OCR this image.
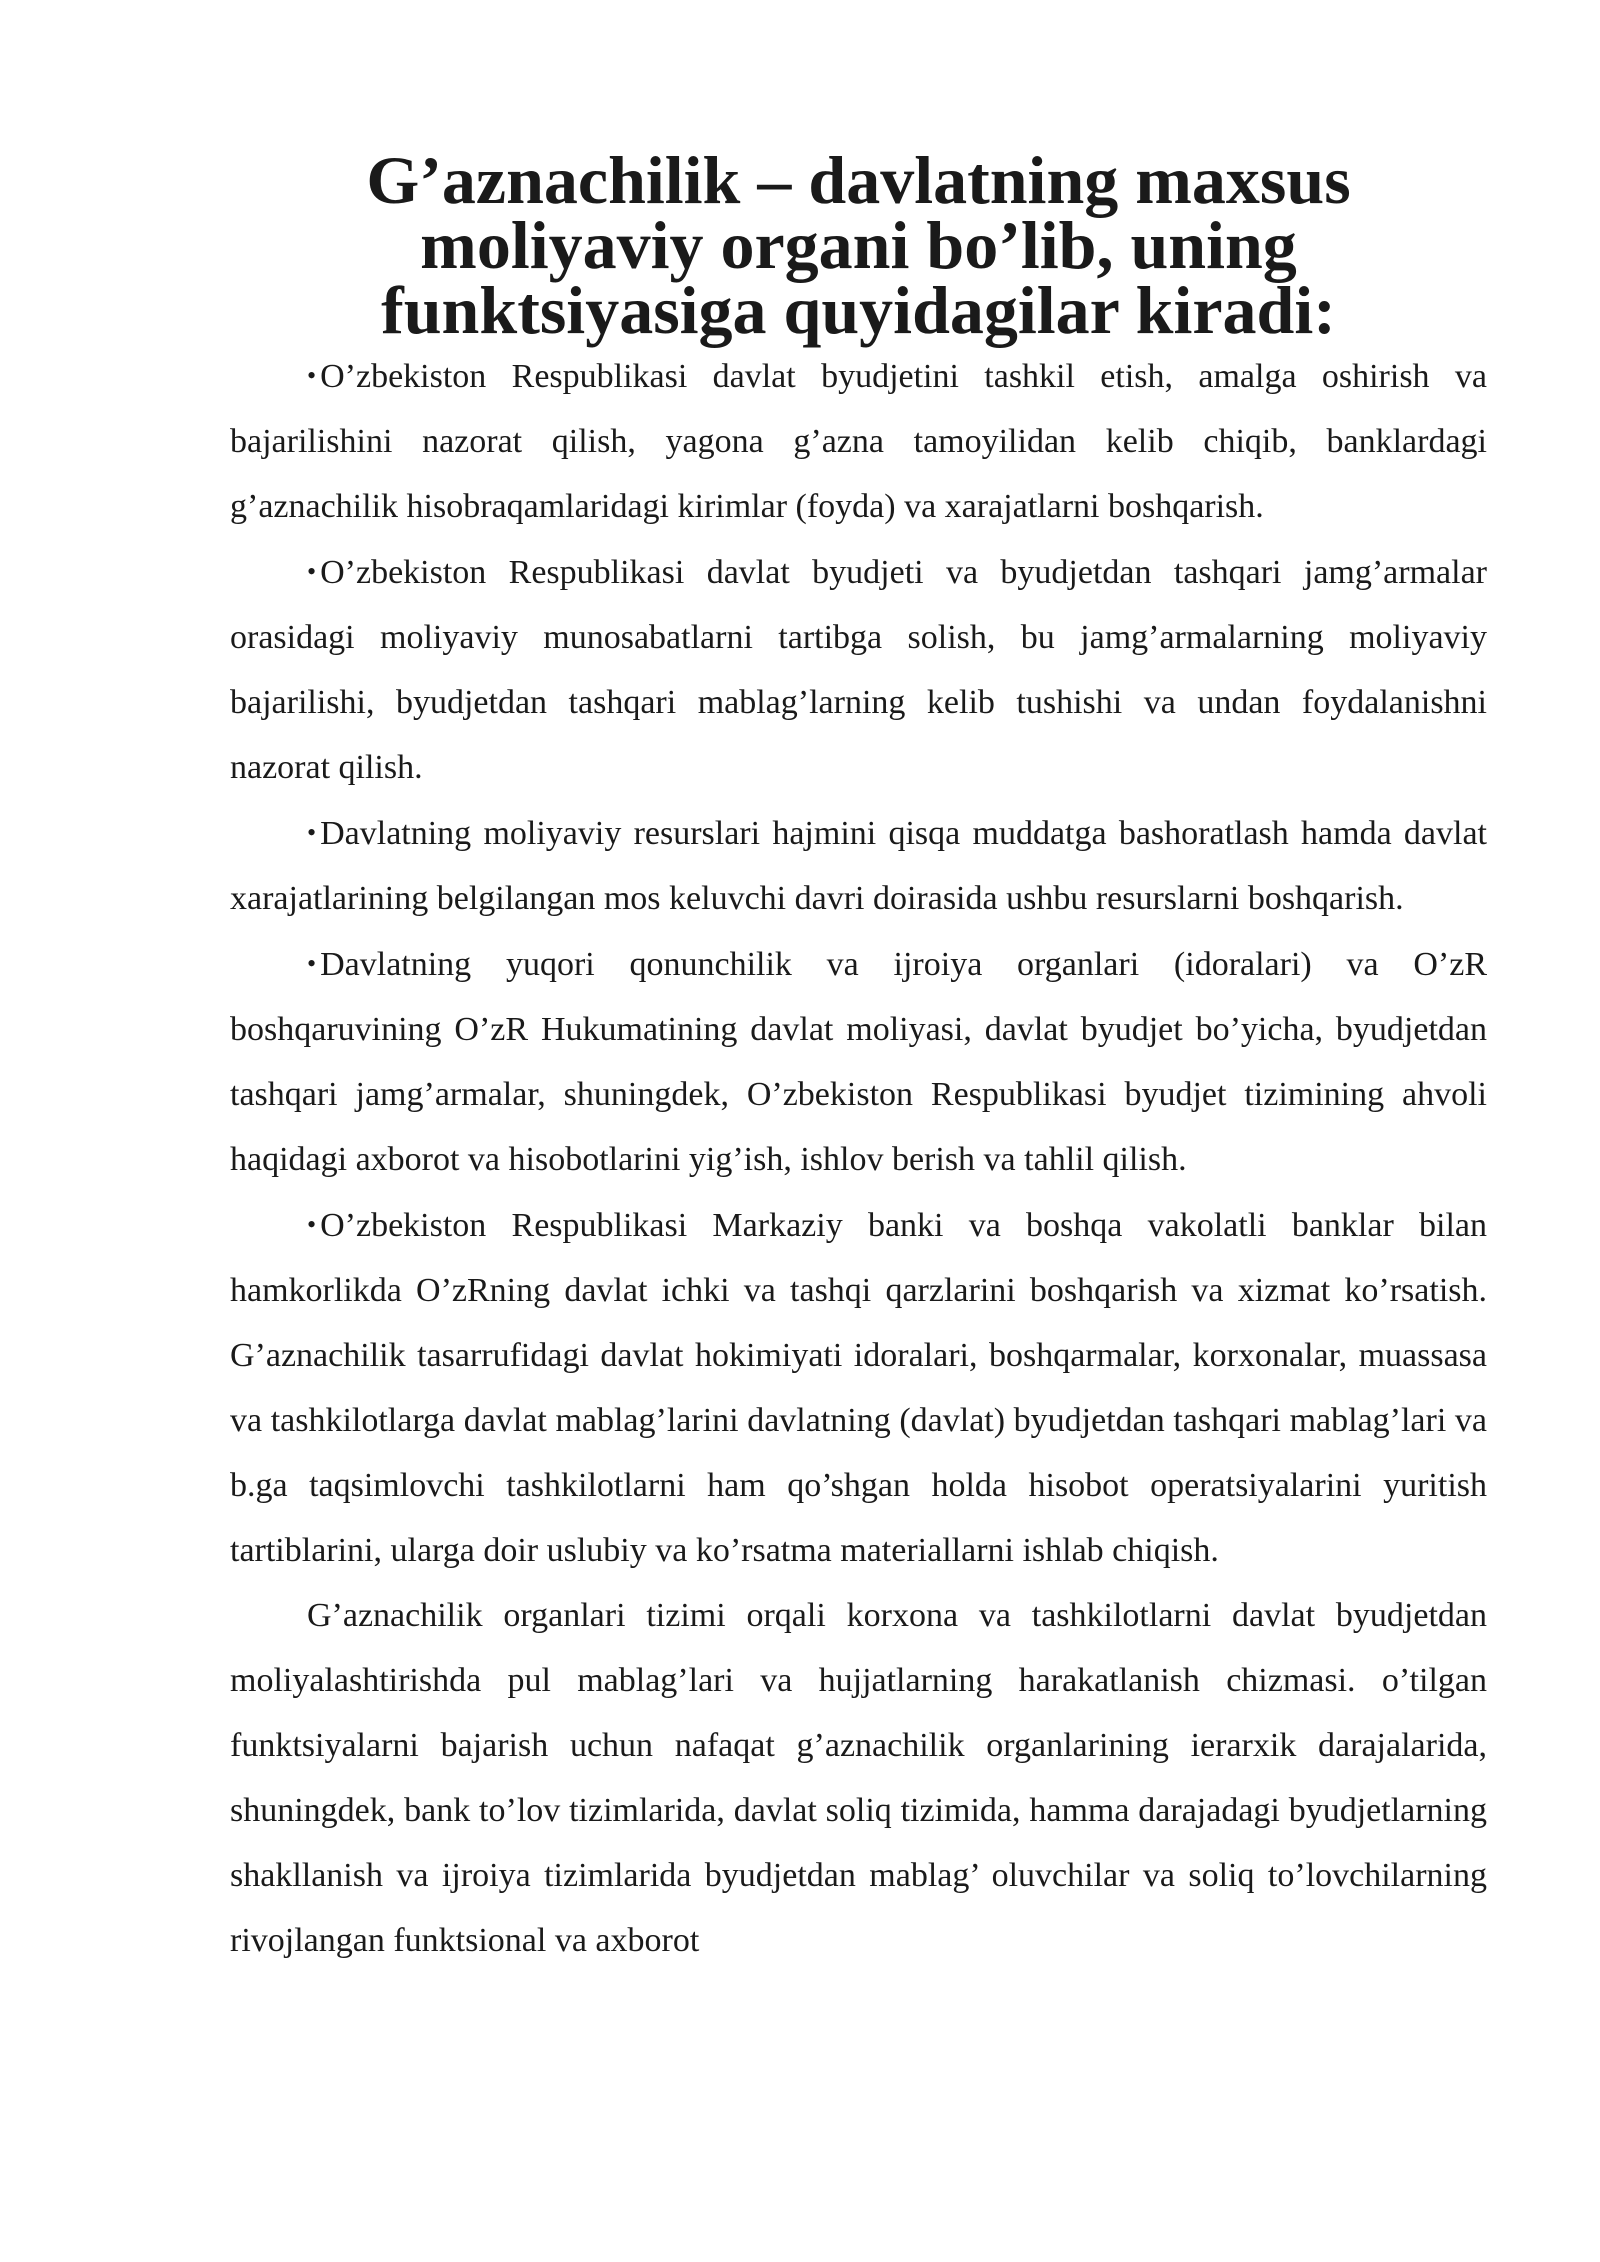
G’aznachilik – davlatning maxsus moliyaviy organi bo’lib, uning
funktsiyasiga quyidagilar kiradi:

• O’zbekiston Respublikasi davlat byudjetini tashkil etish, amalga oshirish va bajarilishini nazorat qilish, yagona g’azna tamoyilidan kelib chiqib, banklardagi g’aznachilik hisobraqamlaridagi kirimlar (foyda) va xarajatlarni boshqarish.

• O’zbekiston Respublikasi davlat byudjeti va byudjetdan tashqari jamg’armalar orasidagi moliyaviy munosabatlarni tartibga solish, bu jamg’armalarning moliyaviy bajarilishi, byudjetdan tashqari mablag’larning kelib tushishi va undan foydalanishni nazorat qilish.

• Davlatning moliyaviy resurslari hajmini qisqa muddatga bashoratlash hamda davlat xarajatlarining belgilangan mos keluvchi davri doirasida ushbu resurslarni boshqarish.

• Davlatning yuqori qonunchilik va ijroiya organlari (idoralari) va O’zR boshqaruvining O’zR Hukumatining davlat moliyasi, davlat byudjet bo’yicha, byudjetdan tashqari jamg’armalar, shuningdek, O’zbekiston Respublikasi byudjet tizimining ahvoli haqidagi axborot va hisobotlarini yig’ish, ishlov berish va tahlil qilish.

• O’zbekiston Respublikasi Markaziy banki va boshqa vakolatli banklar bilan hamkorlikda O’zRning davlat ichki va tashqi qarzlarini boshqarish va xizmat ko’rsatish. G’aznachilik tasarrufidagi davlat hokimiyati idoralari, boshqarmalar, korxonalar, muassasa va tashkilotlarga davlat mablag’larini davlatning (davlat) byudjetdan tashqari mablag’lari va b.ga taqsimlovchi tashkilotlarni ham qo’shgan holda hisobot operatsiyalarini yuritish tartiblarini, ularga doir uslubiy va ko’rsatma materiallarni ishlab chiqish.

G’aznachilik organlari tizimi orqali korxona va tashkilotlarni davlat byudjetdan moliyalashtirishda pul mablag’lari va hujjatlarning harakatlanish chizmasi. o’tilgan funktsiyalarni bajarish uchun nafaqat g’aznachilik organlarining ierarxik darajalarida, shuningdek, bank to’lov tizimlarida, davlat soliq tizimida, hamma darajadagi byudjetlarning shakllanish va ijroiya tizimlarida byudjetdan mablag’ oluvchilar va soliq to’lovchilarning rivojlangan funktsional va axborot
